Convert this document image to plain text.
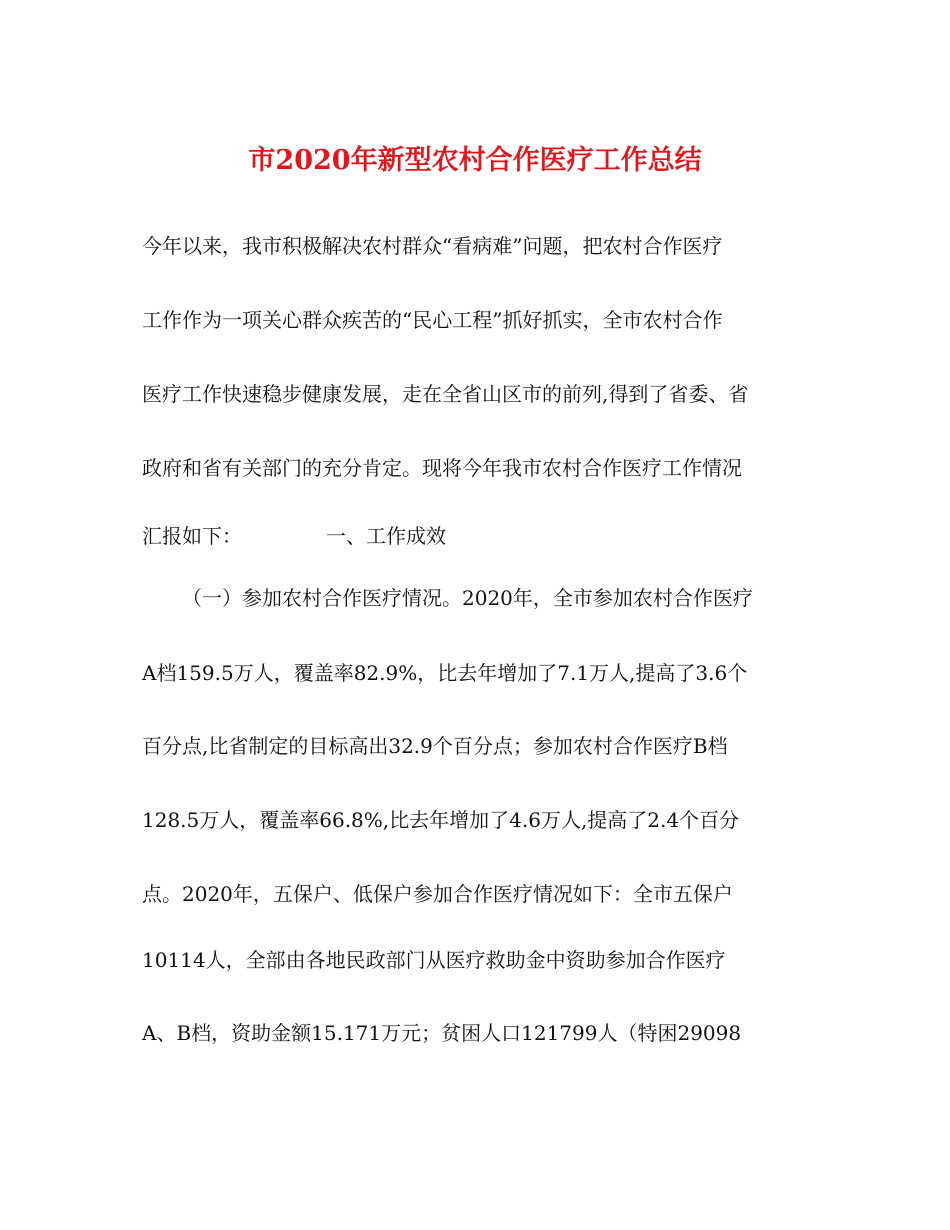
市2020年新型农村合作医疗工作总结
今年以来，我市积极解决农村群众“看病难”问题，把农村合作医疗
工作作为一项关心群众疾苦的“民心工程”抓好抓实，全市农村合作
医疗工作快速稳步健康发展，走在全省山区市的前列,得到了省委、省
政府和省有关部门的充分肯定。现将今年我市农村合作医疗工作情况
汇报如下：	一、工作成效
（一）参加农村合作医疗情况。2020年，全市参加农村合作医疗
A档159.5万人，覆盖率82.9%，比去年增加了7.1万人,提高了3.6个
百分点,比省制定的目标高出32.9个百分点；参加农村合作医疗B档
128.5万人，覆盖率66.8%,比去年增加了4.6万人,提高了2.4个百分
点。2020年，五保户、低保户参加合作医疗情况如下：全市五保户
10114人，全部由各地民政部门从医疗救助金中资助参加合作医疗
A、B档，资助金额15.171万元；贫困人口121799人（特困29098
